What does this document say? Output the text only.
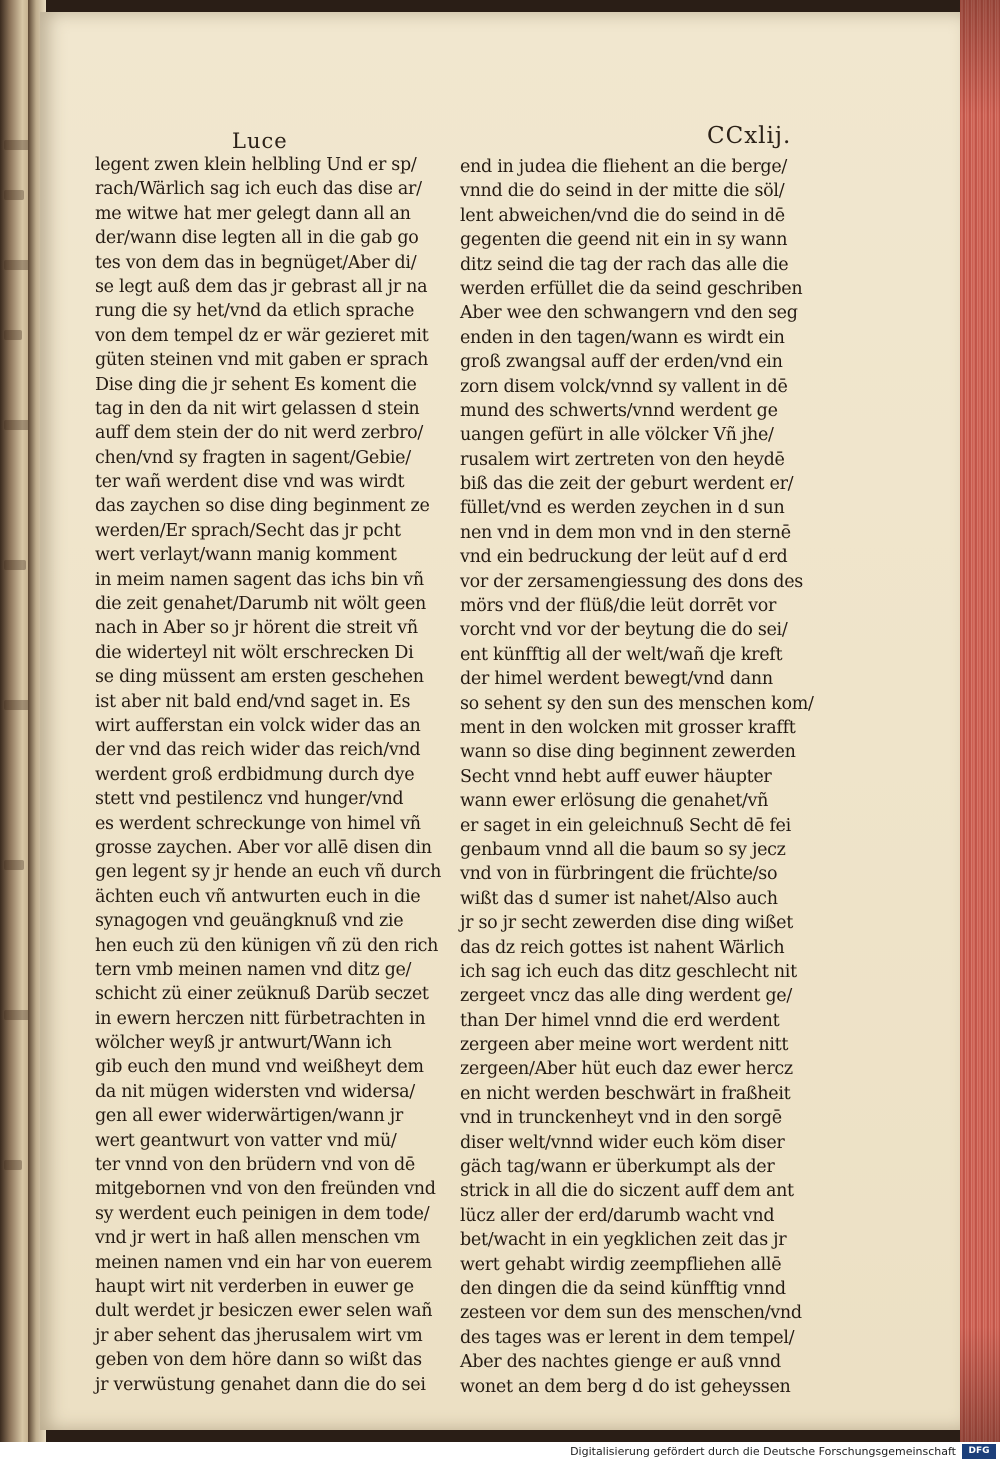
Luce	CCxlij.
legent zwen klein helbling Und er sp/
rach/Wärlich sag ich euch das dise ar/
me witwe hat mer gelegt dann all an
der/wann dise legten all in die gab go
tes von dem das in begnüget/Aber di/
se legt auß dem das jr gebrast all jr na
rung die sy het/vnd da etlich sprache
von dem tempel dz er wär gezieret mit
güten steinen vnd mit gaben er sprach
Dise ding die jr sehent Es koment die
tag in den da nit wirt gelassen d stein
auff dem stein der do nit werd zerbro/
chen/vnd sy fragten in sagent/Gebie/
ter wañ werdent dise vnd was wirdt
das zaychen so dise ding beginment ze
werden/Er sprach/Secht das jr pcht
wert verlayt/wann manig komment
in meim namen sagent das ichs bin vñ
die zeit genahet/Darumb nit wölt geen
nach in Aber so jr hörent die streit vñ
die widerteyl nit wölt erschrecken Di
se ding müssent am ersten geschehen
ist aber nit bald end/vnd saget in. Es
wirt aufferstan ein volck wider das an
der vnd das reich wider das reich/vnd
werdent groß erdbidmung durch dye
stett vnd pestilencz vnd hunger/vnd
es werdent schreckunge von himel vñ
grosse zaychen. Aber vor allē disen din
gen legent sy jr hende an euch vñ durch
ächten euch vñ antwurten euch in die
synagogen vnd geuängknuß vnd zie
hen euch zü den künigen vñ zü den rich
tern vmb meinen namen vnd ditz ge/
schicht zü einer zeüknuß Darüb seczet
in ewern herczen nitt fürbetrachten in
wölcher weyß jr antwurt/Wann ich
gib euch den mund vnd weißheyt dem
da nit mügen widersten vnd widersa/
gen all ewer widerwärtigen/wann jr
wert geantwurt von vatter vnd mü/
ter vnnd von den brüdern vnd von dē
mitgebornen vnd von den freünden vnd
sy werdent euch peinigen in dem tode/
vnd jr wert in haß allen menschen vm
meinen namen vnd ein har von euerem
haupt wirt nit verderben in euwer ge
dult werdet jr besiczen ewer selen wañ
jr aber sehent das jherusalem wirt vm
geben von dem höre dann so wißt das
jr verwüstung genahet dann die do sei
end in judea die fliehent an die berge/
vnnd die do seind in der mitte die söl/
lent abweichen/vnd die do seind in dē
gegenten die geend nit ein in sy wann
ditz seind die tag der rach das alle die
werden erfüllet die da seind geschriben
Aber wee den schwangern vnd den seg
enden in den tagen/wann es wirdt ein
groß zwangsal auff der erden/vnd ein
zorn disem volck/vnnd sy vallent in dē
mund des schwerts/vnnd werdent ge
uangen gefürt in alle völcker Vñ jhe/
rusalem wirt zertreten von den heydē
biß das die zeit der geburt werdent er/
füllet/vnd es werden zeychen in d sun
nen vnd in dem mon vnd in den sternē
vnd ein bedruckung der leüt auf d erd
vor der zersamengiessung des dons des
mörs vnd der flüß/die leüt dorrēt vor
vorcht vnd vor der beytung die do sei/
ent künfftig all der welt/wañ dje kreft
der himel werdent bewegt/vnd dann
so sehent sy den sun des menschen kom/
ment in den wolcken mit grosser krafft
wann so dise ding beginnent zewerden
Secht vnnd hebt auff euwer häupter
wann ewer erlösung die genahet/vñ
er saget in ein geleichnuß Secht dē fei
genbaum vnnd all die baum so sy jecz
vnd von in fürbringent die früchte/so
wißt das d sumer ist nahet/Also auch
jr so jr secht zewerden dise ding wißet
das dz reich gottes ist nahent Wärlich
ich sag ich euch das ditz geschlecht nit
zergeet vncz das alle ding werdent ge/
than Der himel vnnd die erd werdent
zergeen aber meine wort werdent nitt
zergeen/Aber hüt euch daz ewer hercz
en nicht werden beschwärt in fraßheit
vnd in trunckenheyt vnd in den sorgē
diser welt/vnnd wider euch köm diser
gäch tag/wann er überkumpt als der
strick in all die do siczent auff dem ant
lücz aller der erd/darumb wacht vnd
bet/wacht in ein yegklichen zeit das jr
wert gehabt wirdig zeempfliehen allē
den dingen die da seind künfftig vnnd
zesteen vor dem sun des menschen/vnd
des tages was er lerent in dem tempel/
Aber des nachtes gienge er auß vnnd
wonet an dem berg d do ist geheyssen
Digitalisierung gefördert durch die Deutsche Forschungsgemeinschaft	DFG
